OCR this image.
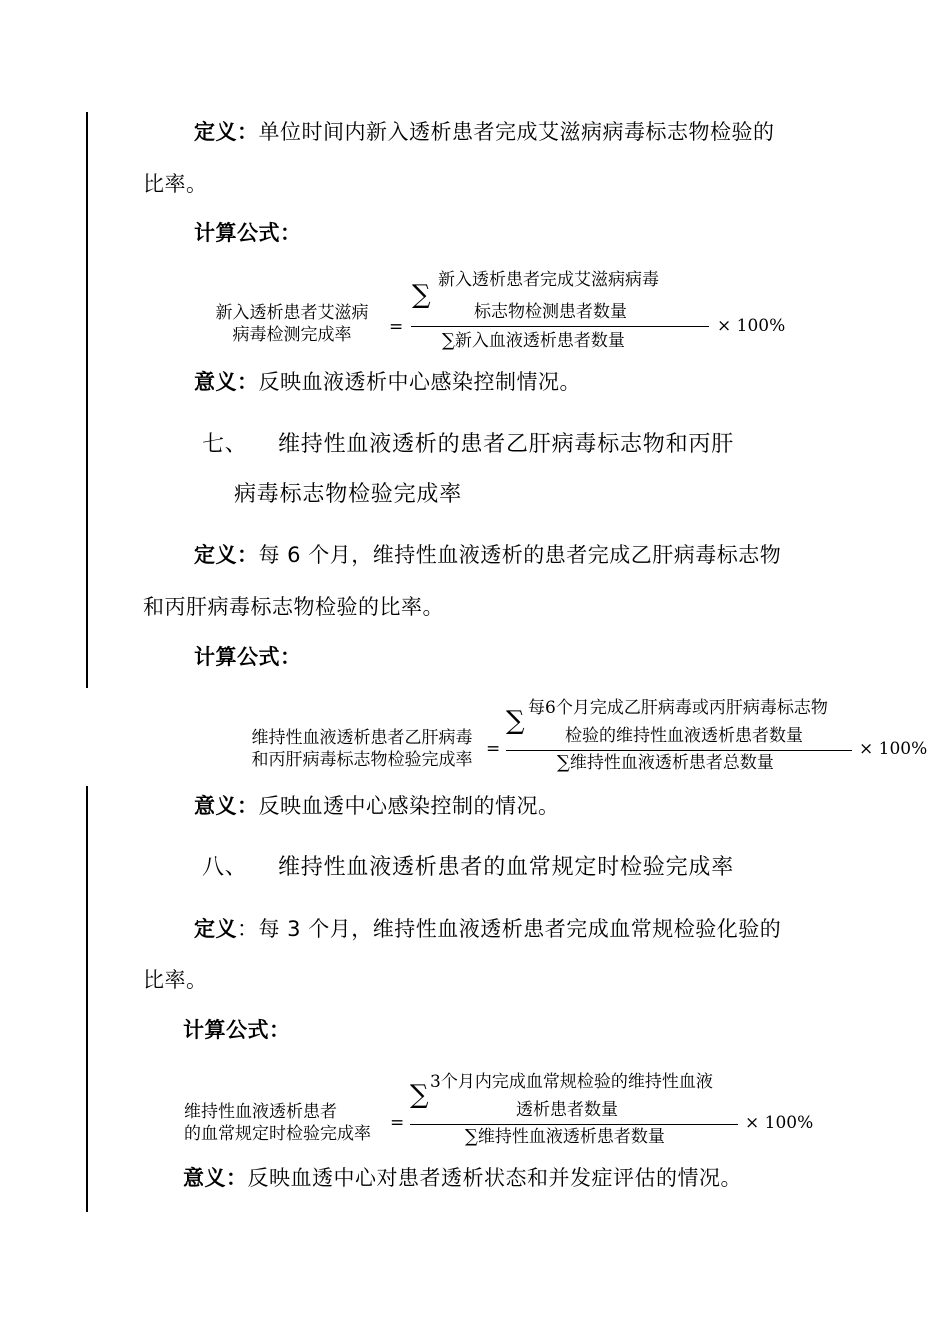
定义：单位时间内新入透析患者完成艾滋病病毒标志物检验的
比率。
计算公式：
新入透析患者艾滋病
病毒检测完成率	=
∑ 新入透析患者完成艾滋病病毒
标志物检测患者数量
∑新入血液透析患者数量
× 100%
意义：反映血液透析中心感染控制情况。
七、 维持性血液透析的患者乙肝病毒标志物和丙肝
病毒标志物检验完成率
定义：每 6 个月，维持性血液透析的患者完成乙肝病毒标志物
和丙肝病毒标志物检验的比率。
计算公式：
维持性血液透析患者乙肝病毒
和丙肝病毒标志物检验完成率
=
∑ 每6个月完成乙肝病毒或丙肝病毒标志物
检验的维持性血液透析患者数量
∑维持性血液透析患者总数量
× 100%
意义：反映血透中心感染控制的情况。
八、 维持性血液透析患者的血常规定时检验完成率
定义：每 3 个月，维持性血液透析患者完成血常规检验化验的
比率。
计算公式：
维持性血液透析患者
的血常规定时检验完成率
=
∑ 3个月内完成血常规检验的维持性血液
透析患者数量
∑维持性血液透析患者数量
× 100%
意义：反映血透中心对患者透析状态和并发症评估的情况。
